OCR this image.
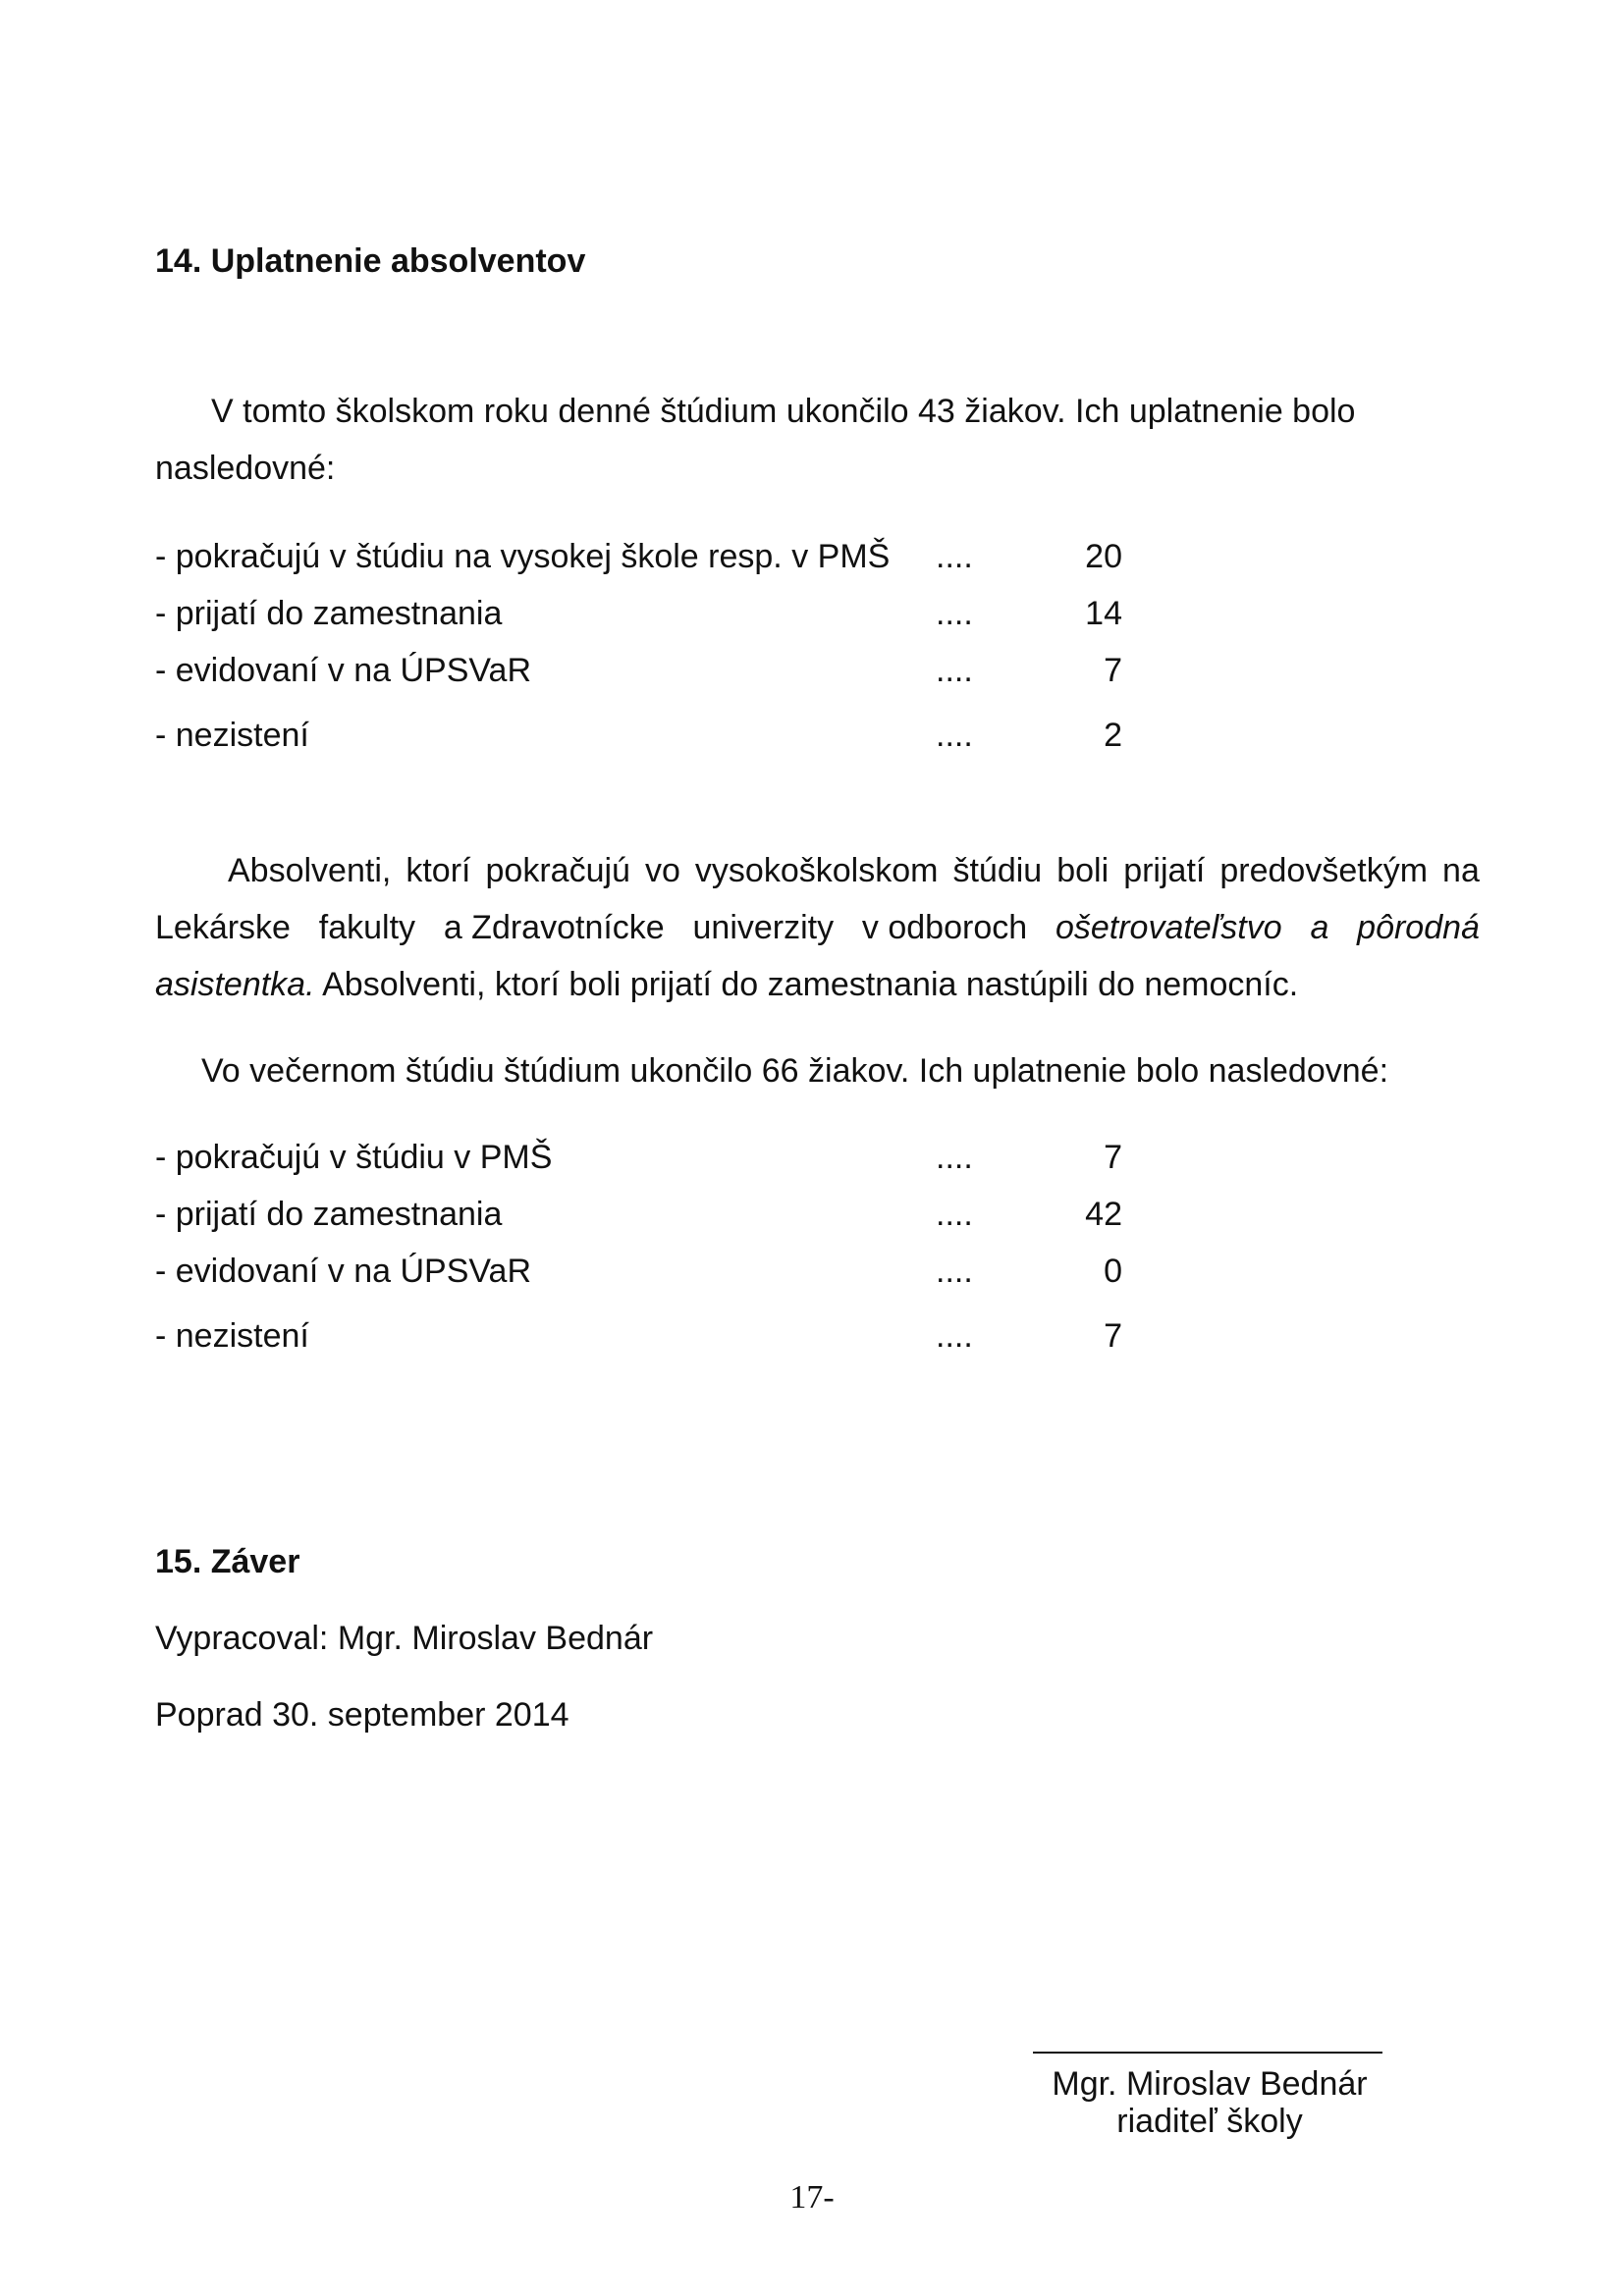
14. Uplatnenie absolventov
V tomto školskom roku denné štúdium ukončilo 43 žiakov. Ich uplatnenie bolo
nasledovné:
- pokračujú v štúdiu na vysokej škole resp. v PMŠ ....	20
- prijatí do zamestnania	....	14
- evidovaní v na ÚPSVaR	....	7
- nezistení	....	2
Absolventi, ktorí pokračujú vo vysokoškolskom štúdiu boli prijatí predovšetkým na
Lekárske fakulty a Zdravotnícke univerzity v odboroch ošetrovateľstvo a pôrodná
asistentka. Absolventi, ktorí boli prijatí do zamestnania nastúpili do nemocníc.
Vo večernom štúdiu štúdium ukončilo 66 žiakov. Ich uplatnenie bolo nasledovné:
- pokračujú v štúdiu v PMŠ	....	7
- prijatí do zamestnania	....	42
- evidovaní v na ÚPSVaR	....	0
- nezistení	....	7
15. Záver
Vypracoval: Mgr. Miroslav Bednár
Poprad 30. september 2014
Mgr. Miroslav Bednár
riaditeľ školy
17-
